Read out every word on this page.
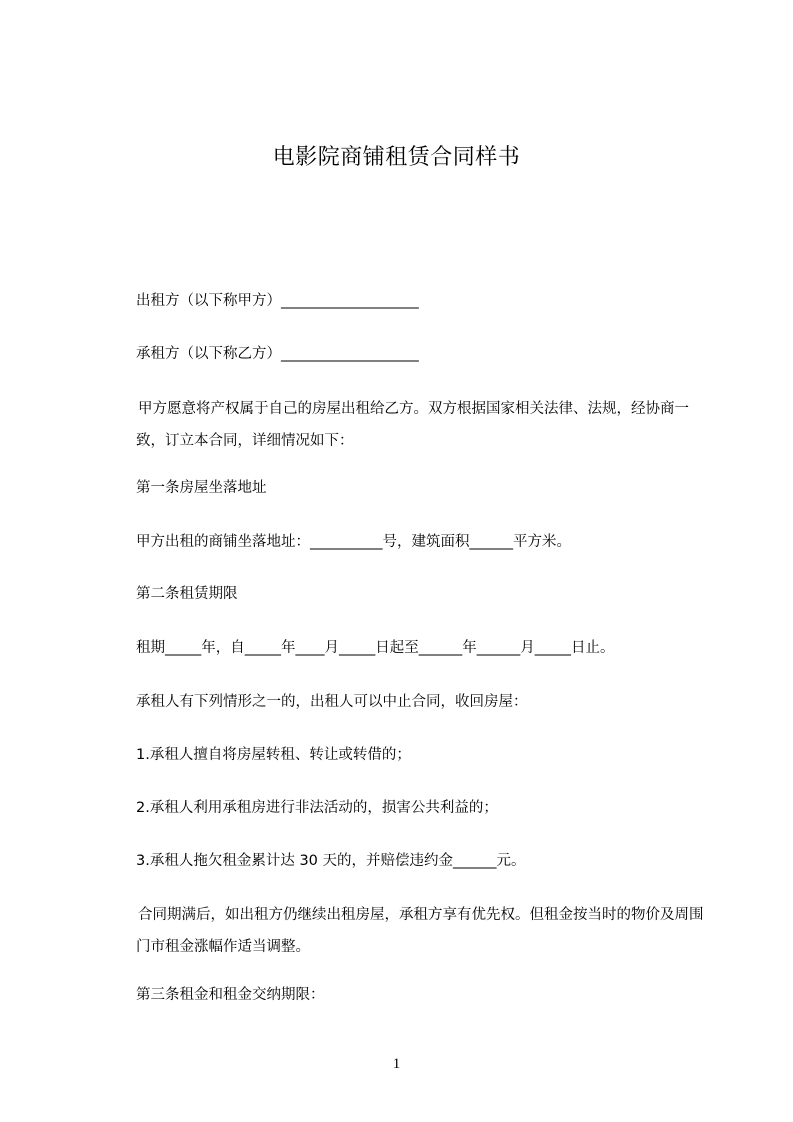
电影院商铺租赁合同样书
出租方（以下称甲方）___________________
承租方（以下称乙方）___________________
甲方愿意将产权属于自己的房屋出租给乙方。双方根据国家相关法律、法规，经协商一致，订立本合同，详细情况如下：
第一条房屋坐落地址
甲方出租的商铺坐落地址：__________号，建筑面积______平方米。
第二条租赁期限
租期_____年，自_____年____月_____日起至______年______月_____日止。
承租人有下列情形之一的，出租人可以中止合同，收回房屋：
1.承租人擅自将房屋转租、转让或转借的；
2.承租人利用承租房进行非法活动的，损害公共利益的；
3.承租人拖欠租金累计达 30 天的，并赔偿违约金______元。
合同期满后，如出租方仍继续出租房屋，承租方享有优先权。但租金按当时的物价及周围门市租金涨幅作适当调整。
第三条租金和租金交纳期限：
1
